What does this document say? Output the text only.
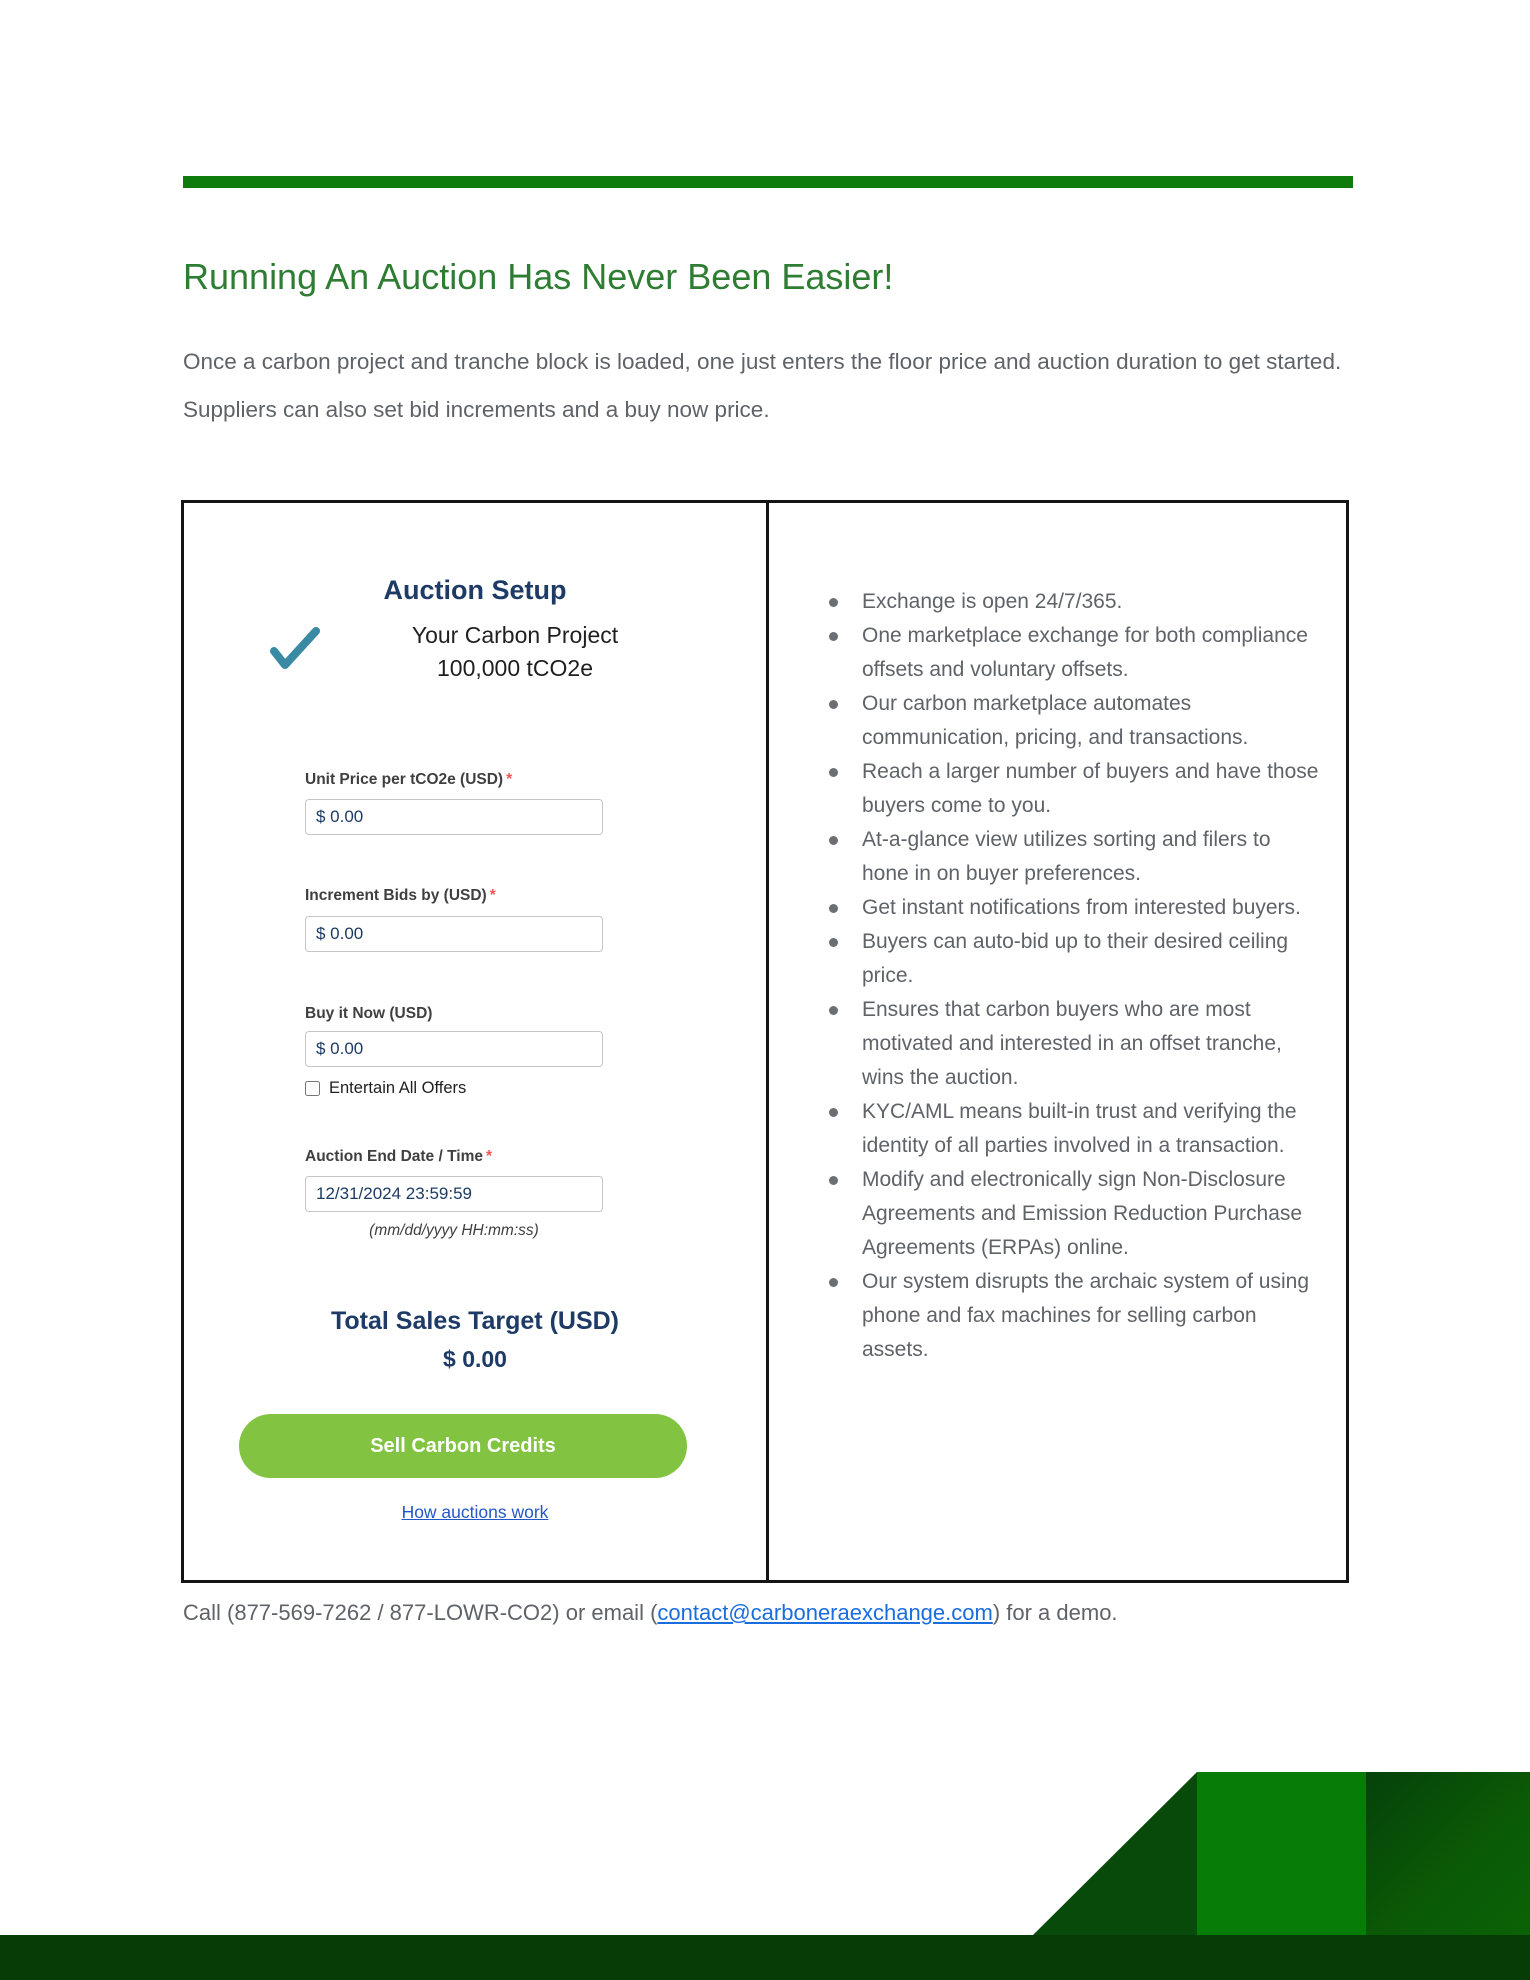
Running An Auction Has Never Been Easier!

Once a carbon project and tranche block is loaded, one just enters the floor price and auction duration to get started. Suppliers can also set bid increments and a buy now price.

Auction Setup
Your Carbon Project
100,000 tCO2e
Unit Price per tCO2e (USD) *
$ 0.00
Increment Bids by (USD) *
$ 0.00
Buy it Now (USD)
$ 0.00
Entertain All Offers
Auction End Date / Time *
12/31/2024 23:59:59
(mm/dd/yyyy HH:mm:ss)
Total Sales Target (USD)
$ 0.00
Sell Carbon Credits
How auctions work
Exchange is open 24/7/365.
One marketplace exchange for both compliance offsets and voluntary offsets.
Our carbon marketplace automates communication, pricing, and transactions.
Reach a larger number of buyers and have those buyers come to you.
At-a-glance view utilizes sorting and filers to hone in on buyer preferences.
Get instant notifications from interested buyers.
Buyers can auto-bid up to their desired ceiling price.
Ensures that carbon buyers who are most motivated and interested in an offset tranche, wins the auction.
KYC/AML means built-in trust and verifying the identity of all parties involved in a transaction.
Modify and electronically sign Non-Disclosure Agreements and Emission Reduction Purchase Agreements (ERPAs) online.
Our system disrupts the archaic system of using phone and fax machines for selling carbon assets.

Call (877-569-7262 / 877-LOWR-CO2) or email (contact@carboneraexchange.com) for a demo.
